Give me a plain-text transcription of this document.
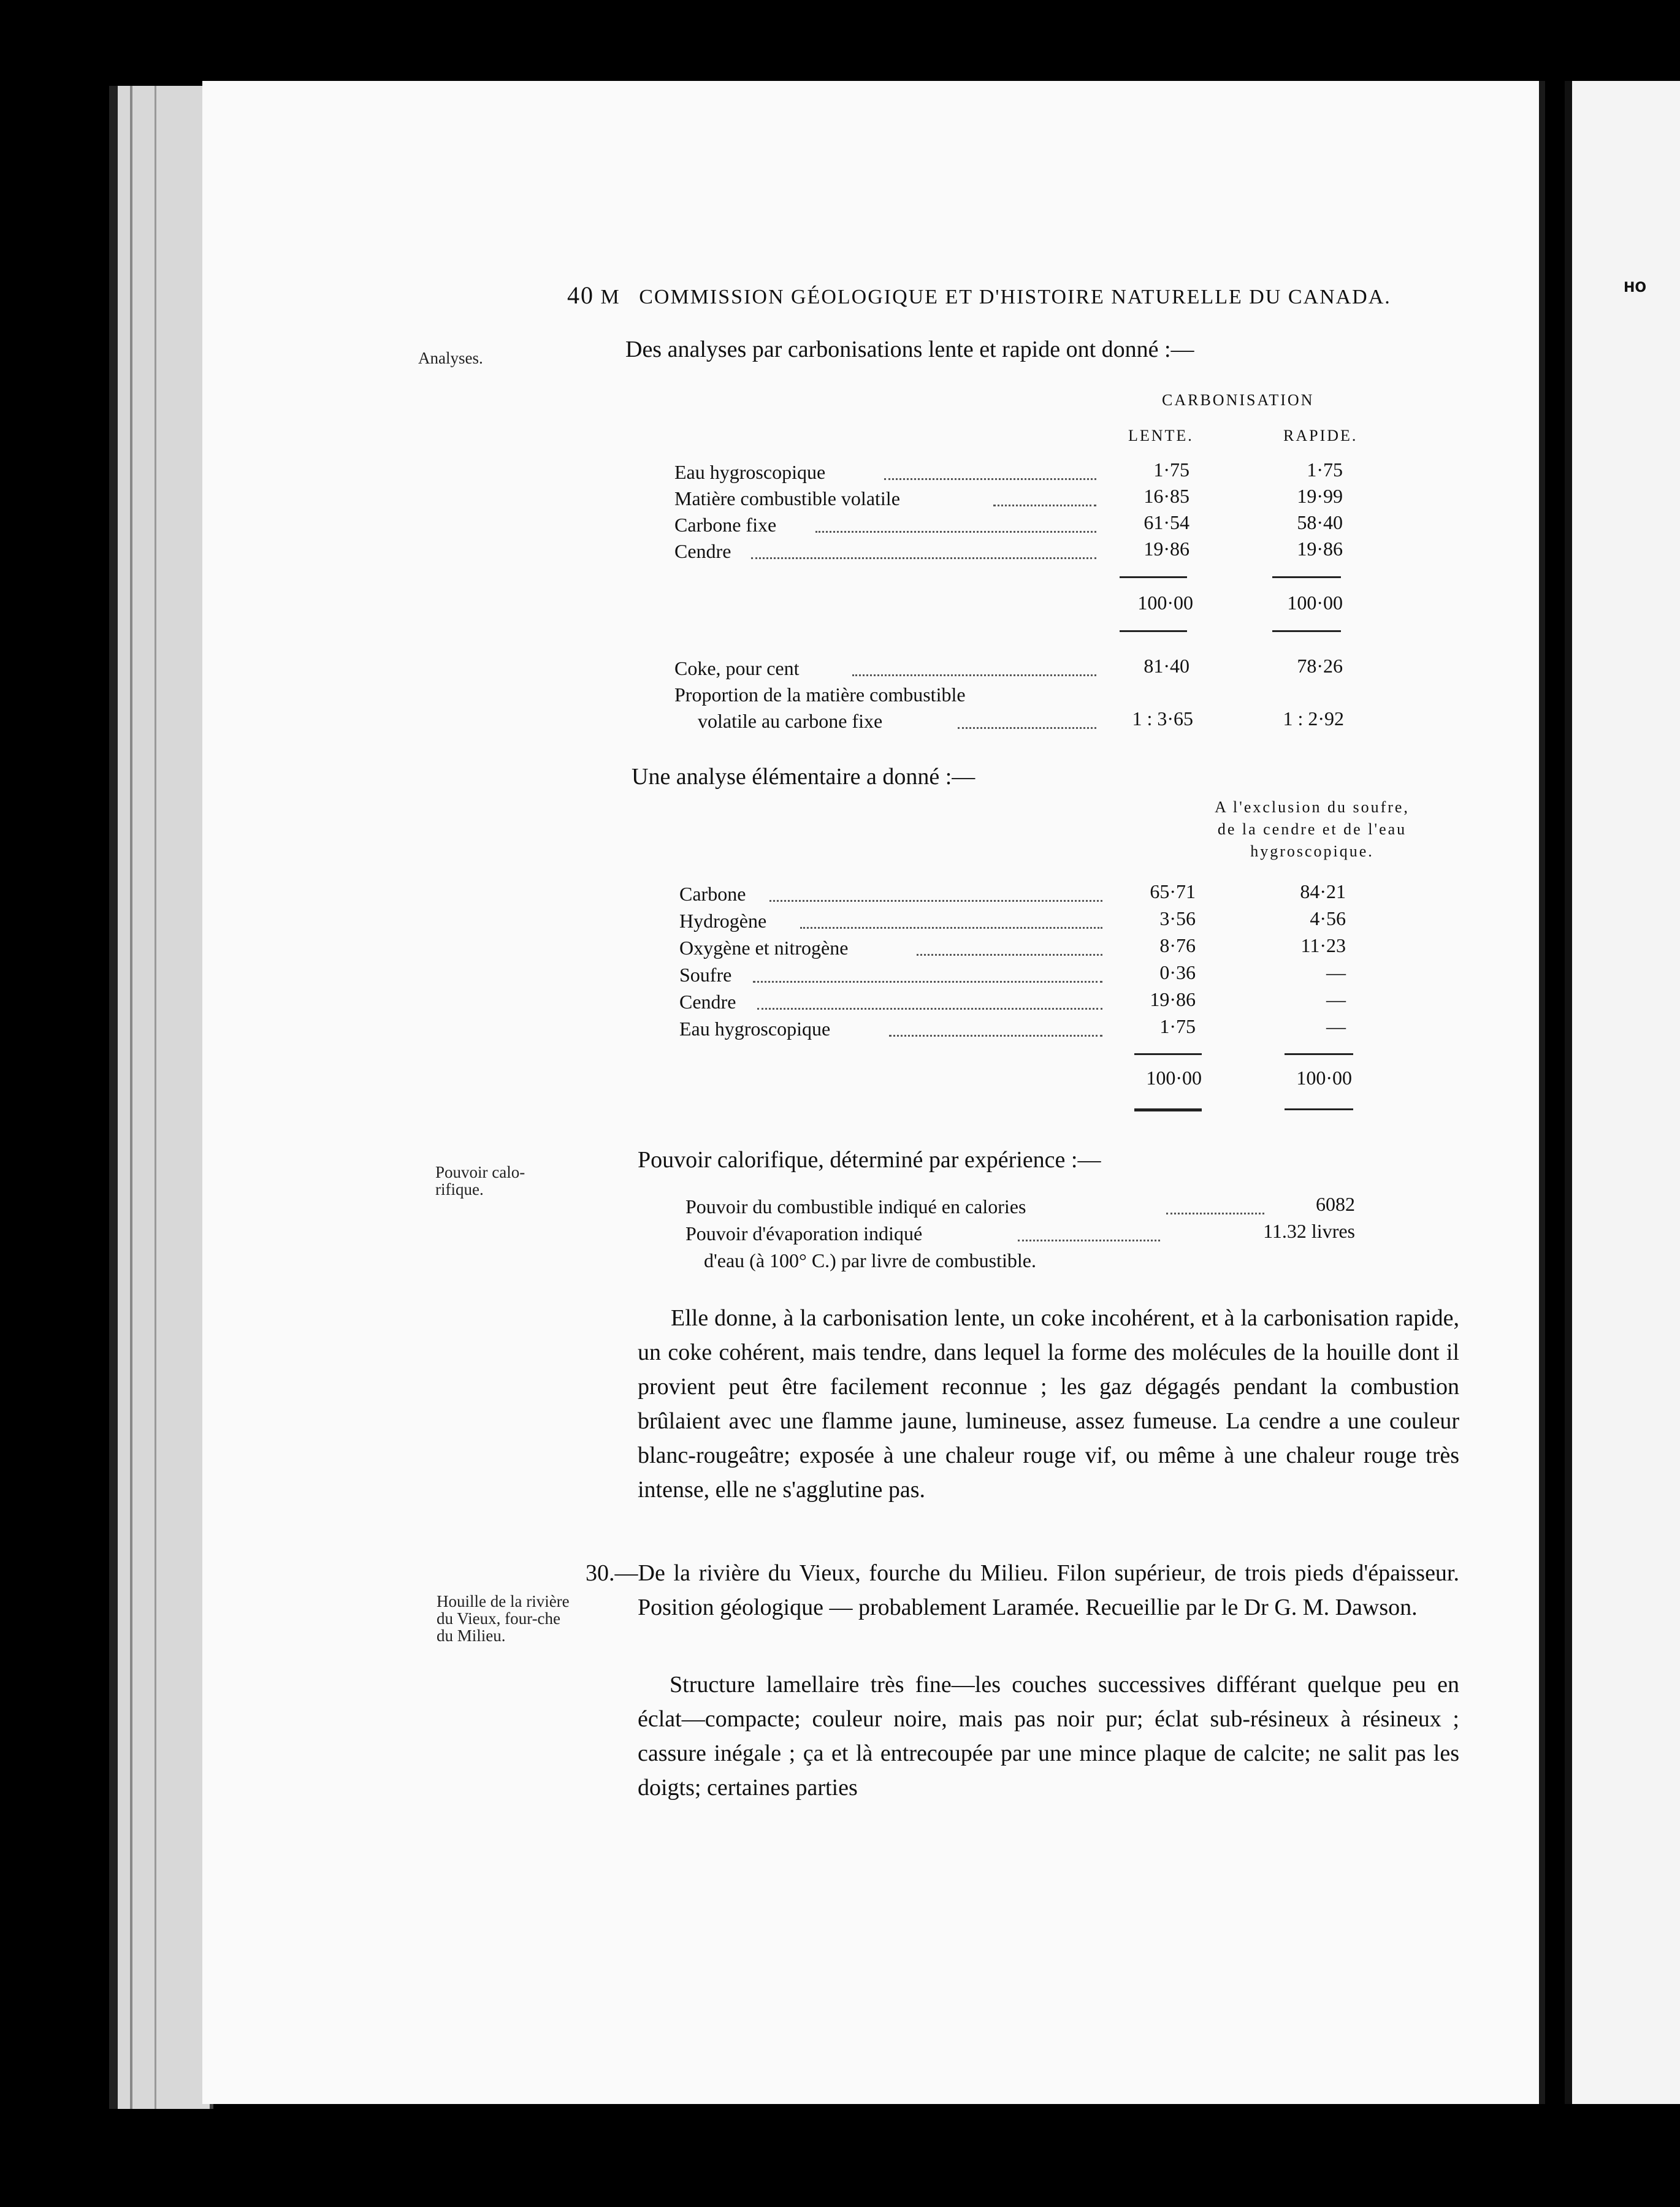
HO
40 M COMMISSION GÉOLOGIQUE ET D'HISTOIRE NATURELLE DU CANADA.
Analyses.
Pouvoir calo-rifique.
Houille de la rivière du Vieux, four-che du Milieu.
Des analyses par carbonisations lente et rapide ont donné :—
CARBONISATION
LENTE.	RAPIDE.
Eau hygroscopique	1·75	1·75
Matière combustible volatile	16·85	19·99
Carbone fixe	61·54	58·40
Cendre	19·86	19·86
100·00	100·00
Coke, pour cent	81·40	78·26
Proportion de la matière combustible
volatile au carbone fixe	1 : 3·65	1 : 2·92
Une analyse élémentaire a donné :—
A l'exclusion du soufre,
de la cendre et de l'eau
hygroscopique.
Carbone	65·71	84·21
Hydrogène	3·56	4·56
Oxygène et nitrogène	8·76	11·23
Soufre	0·36	—
Cendre	19·86	—
Eau hygroscopique	1·75	—
100·00	100·00
Pouvoir calorifique, déterminé par expérience :—
Pouvoir du combustible indiqué en calories	6082
Pouvoir d'évaporation indiqué	11.32 livres
d'eau (à 100° C.) par livre de combustible.
Elle donne, à la carbonisation lente, un coke incohérent, et à la carbonisation rapide, un coke cohérent, mais tendre, dans lequel la forme des molécules de la houille dont il provient peut être facilement reconnue ; les gaz dégagés pendant la combustion brûlaient avec une flamme jaune, lumineuse, assez fumeuse. La cendre a une couleur blanc-rougeâtre; exposée à une chaleur rouge vif, ou même à une chaleur rouge très intense, elle ne s'agglutine pas.
30.—De la rivière du Vieux, fourche du Milieu. Filon supérieur, de trois pieds d'épaisseur. Position géologique — probablement Laramée. Recueillie par le Dr G. M. Dawson.
Structure lamellaire très fine—les couches successives différant quelque peu en éclat—compacte; couleur noire, mais pas noir pur; éclat sub-résineux à résineux ; cassure inégale ; ça et là entrecoupée par une mince plaque de calcite; ne salit pas les doigts; certaines parties
